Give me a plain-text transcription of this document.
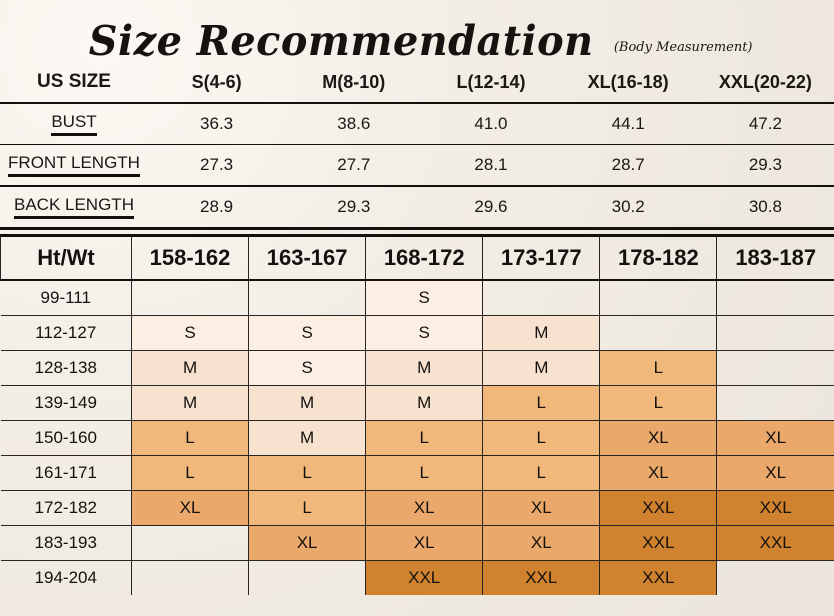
Size Recommendation (Body Measurement)
US SIZE	S(4-6)	M(8-10)	L(12-14)	XL(16-18)	XXL(20-22)
BUST	36.3	38.6	41.0	44.1	47.2
FRONT LENGTH	27.3	27.7	28.1	28.7	29.3
BACK LENGTH	28.9	29.3	29.6	30.2	30.8
Ht/Wt	158-162	163-167	168-172	173-177	178-182	183-187
99-111			S			
112-127	S	S	S	M		
128-138	M	S	M	M	L	
139-149	M	M	M	L	L	
150-160	L	M	L	L	XL	XL
161-171	L	L	L	L	XL	XL
172-182	XL	L	XL	XL	XXL	XXL
183-193		XL	XL	XL	XXL	XXL
194-204			XXL	XXL	XXL	
